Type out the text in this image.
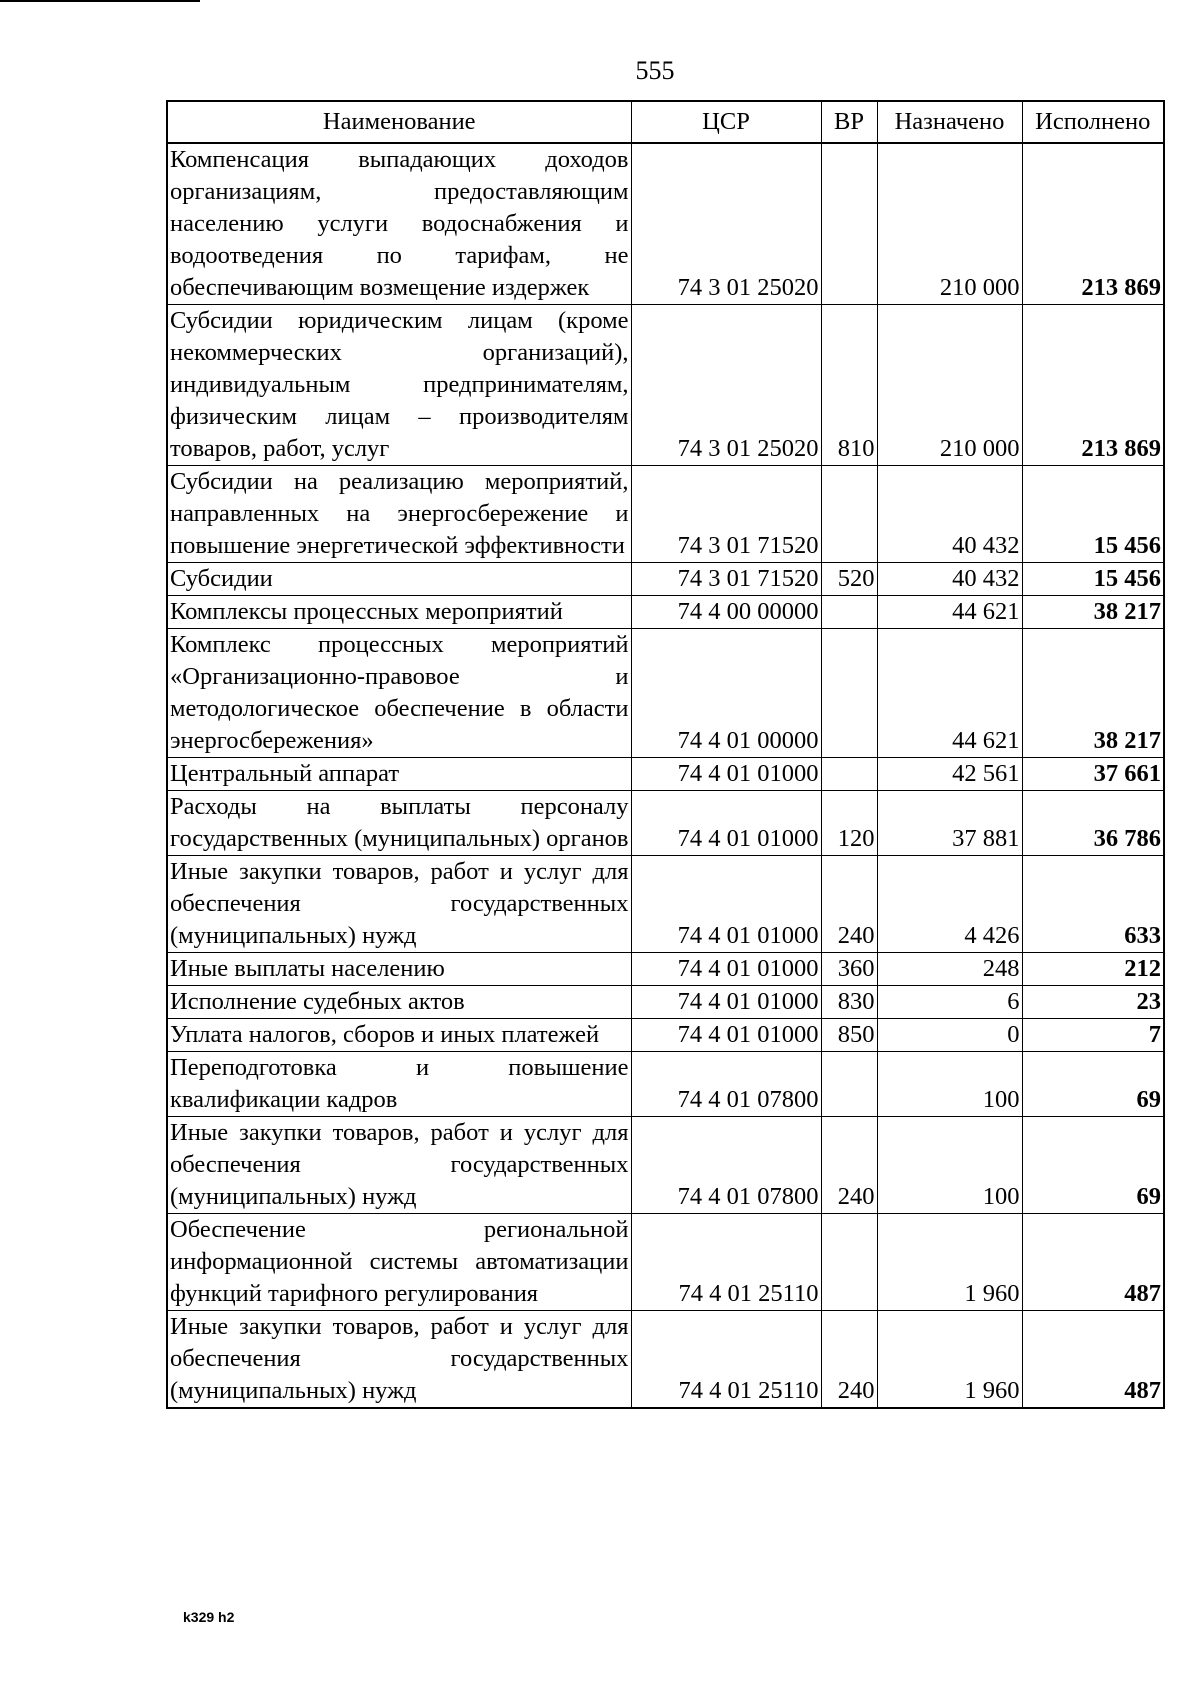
555
Наименование	ЦСР	ВР	Назначено	Исполнено
Компенсация выпадающих доходов организациям, предоставляющим населению услуги водоснабжения и водоотведения по тарифам, не обеспечивающим возмещение издержек	74 3 01 25020		210 000	213 869
Субсидии юридическим лицам (кроме некоммерческих организаций), индивидуальным предпринимателям, физическим лицам – производителям товаров, работ, услуг	74 3 01 25020	810	210 000	213 869
Субсидии на реализацию мероприятий, направленных на энергосбережение и повышение энергетической эффективности	74 3 01 71520		40 432	15 456
Субсидии	74 3 01 71520	520	40 432	15 456
Комплексы процессных мероприятий	74 4 00 00000		44 621	38 217
Комплекс процессных мероприятий «Организационно-правовое и методологическое обеспечение в области энергосбережения»	74 4 01 00000		44 621	38 217
Центральный аппарат	74 4 01 01000		42 561	37 661
Расходы на выплаты персоналу государственных (муниципальных) органов	74 4 01 01000	120	37 881	36 786
Иные закупки товаров, работ и услуг для обеспечения государственных (муниципальных) нужд	74 4 01 01000	240	4 426	633
Иные выплаты населению	74 4 01 01000	360	248	212
Исполнение судебных актов	74 4 01 01000	830	6	23
Уплата налогов, сборов и иных платежей	74 4 01 01000	850	0	7
Переподготовка и повышение квалификации кадров	74 4 01 07800		100	69
Иные закупки товаров, работ и услуг для обеспечения государственных (муниципальных) нужд	74 4 01 07800	240	100	69
Обеспечение региональной информационной системы автоматизации функций тарифного регулирования	74 4 01 25110		1 960	487
Иные закупки товаров, работ и услуг для обеспечения государственных (муниципальных) нужд	74 4 01 25110	240	1 960	487
k329 h2
